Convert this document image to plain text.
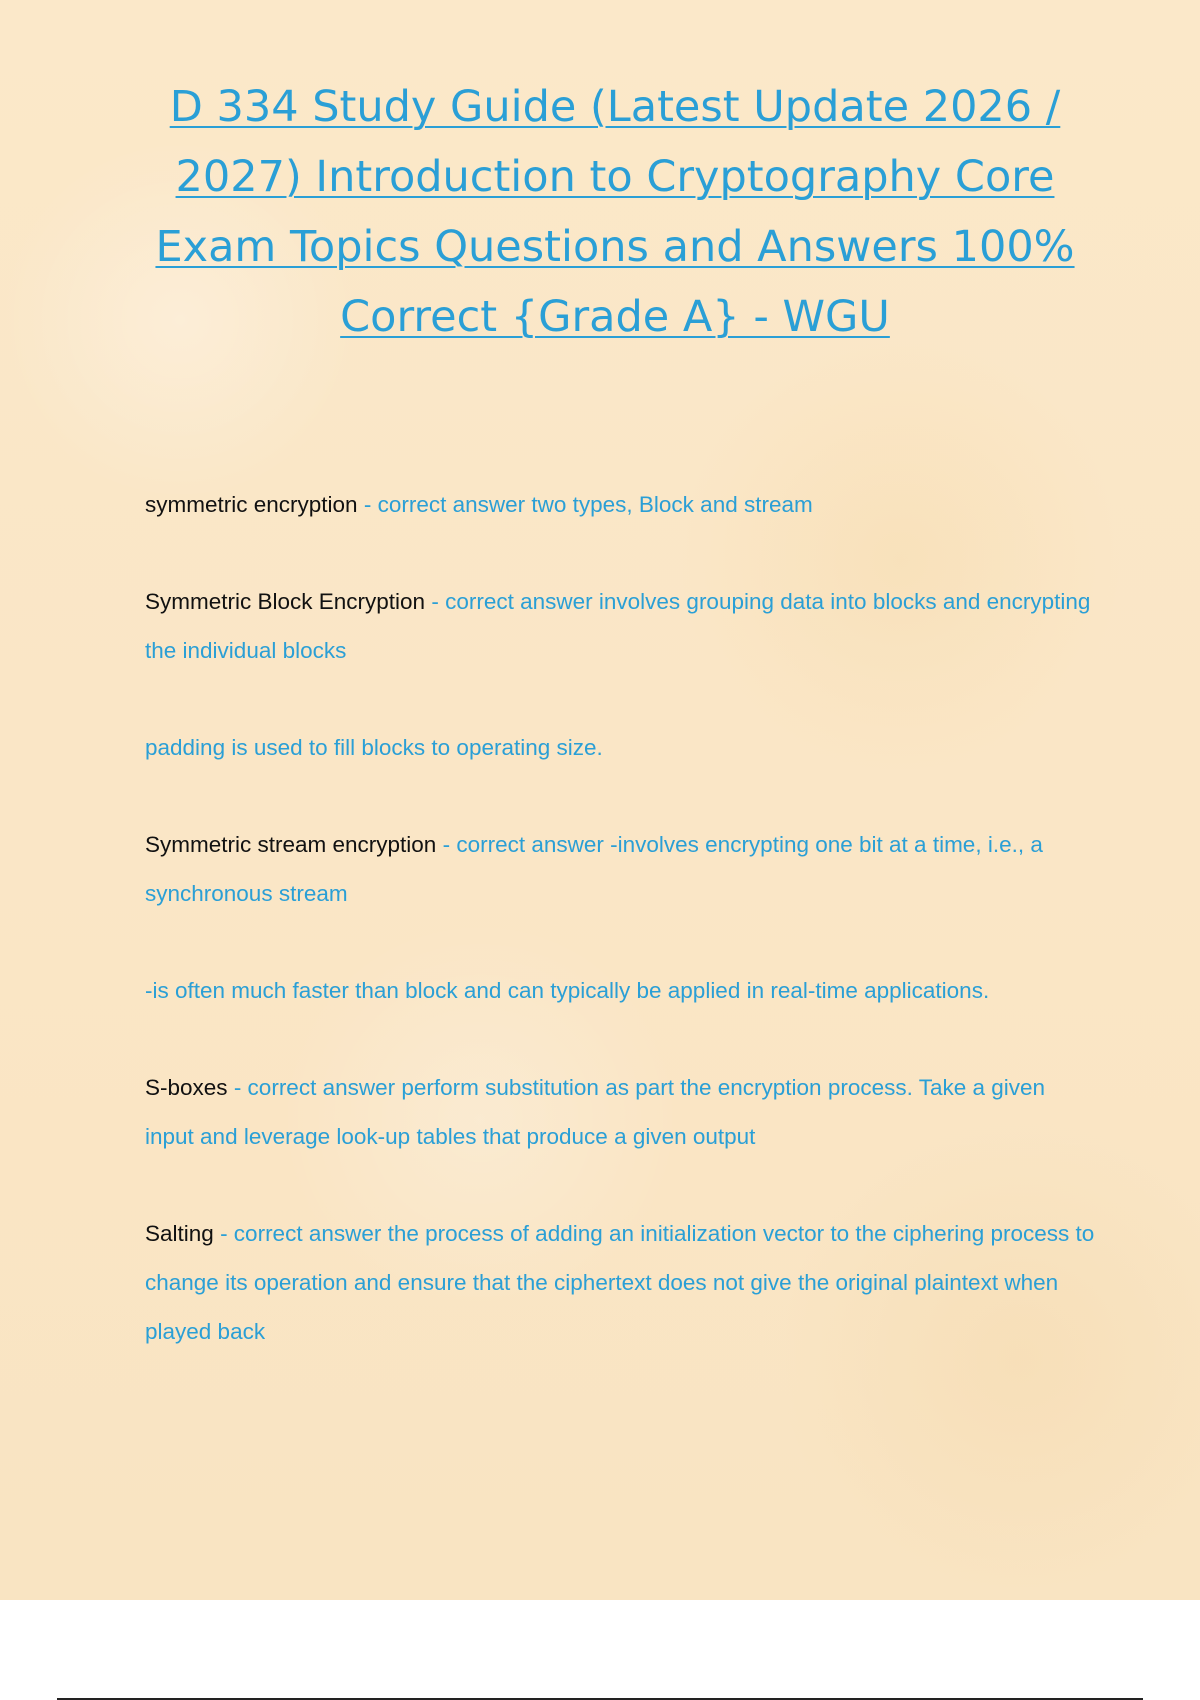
D 334 Study Guide (Latest Update 2026 / 2027) Introduction to Cryptography Core Exam Topics Questions and Answers 100% Correct {Grade A} - WGU

symmetric encryption - correct answer two types, Block and stream

Symmetric Block Encryption - correct answer involves grouping data into blocks and encrypting the individual blocks

padding is used to fill blocks to operating size.

Symmetric stream encryption - correct answer -involves encrypting one bit at a time, i.e., a synchronous stream

-is often much faster than block and can typically be applied in real-time applications.

S-boxes - correct answer perform substitution as part the encryption process. Take a given input and leverage look-up tables that produce a given output

Salting - correct answer the process of adding an initialization vector to the ciphering process to change its operation and ensure that the ciphertext does not give the original plaintext when played back
